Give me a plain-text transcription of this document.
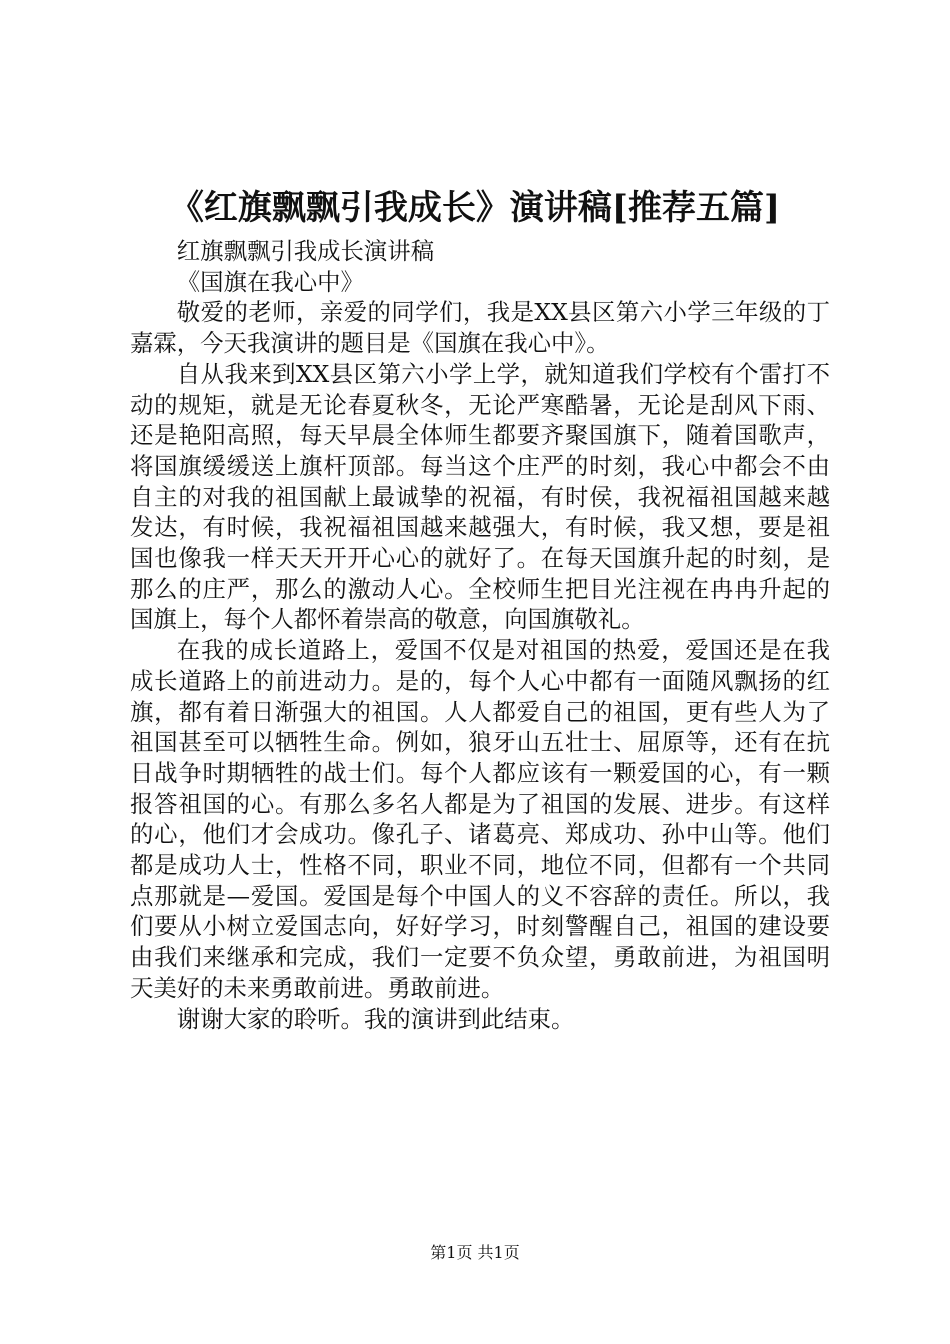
《红旗飘飘引我成长》演讲稿[推荐五篇]

红旗飘飘引我成长演讲稿

《国旗在我心中》

敬爱的老师，亲爱的同学们，我是XX县区第六小学三年级的丁嘉霖，今天我演讲的题目是《国旗在我心中》。

自从我来到XX县区第六小学上学，就知道我们学校有个雷打不动的规矩，就是无论春夏秋冬，无论严寒酷暑，无论是刮风下雨、还是艳阳高照，每天早晨全体师生都要齐聚国旗下，随着国歌声，将国旗缓缓送上旗杆顶部。每当这个庄严的时刻，我心中都会不由自主的对我的祖国献上最诚挚的祝福，有时侯，我祝福祖国越来越发达，有时候，我祝福祖国越来越强大，有时候，我又想，要是祖国也像我一样天天开开心心的就好了。在每天国旗升起的时刻，是那么的庄严，那么的激动人心。全校师生把目光注视在冉冉升起的国旗上，每个人都怀着崇高的敬意，向国旗敬礼。

在我的成长道路上，爱国不仅是对祖国的热爱，爱国还是在我成长道路上的前进动力。是的，每个人心中都有一面随风飘扬的红旗，都有着日渐强大的祖国。人人都爱自己的祖国，更有些人为了祖国甚至可以牺牲生命。例如，狼牙山五壮士、屈原等，还有在抗日战争时期牺牲的战士们。每个人都应该有一颗爱国的心，有一颗报答祖国的心。有那么多名人都是为了祖国的发展、进步。有这样的心，他们才会成功。像孔子、诸葛亮、郑成功、孙中山等。他们都是成功人士，性格不同，职业不同，地位不同，但都有一个共同点那就是—爱国。爱国是每个中国人的义不容辞的责任。所以，我们要从小树立爱国志向，好好学习，时刻警醒自己，祖国的建设要由我们来继承和完成，我们一定要不负众望，勇敢前进，为祖国明天美好的未来勇敢前进。勇敢前进。

谢谢大家的聆听。我的演讲到此结束。

第1页 共1页
